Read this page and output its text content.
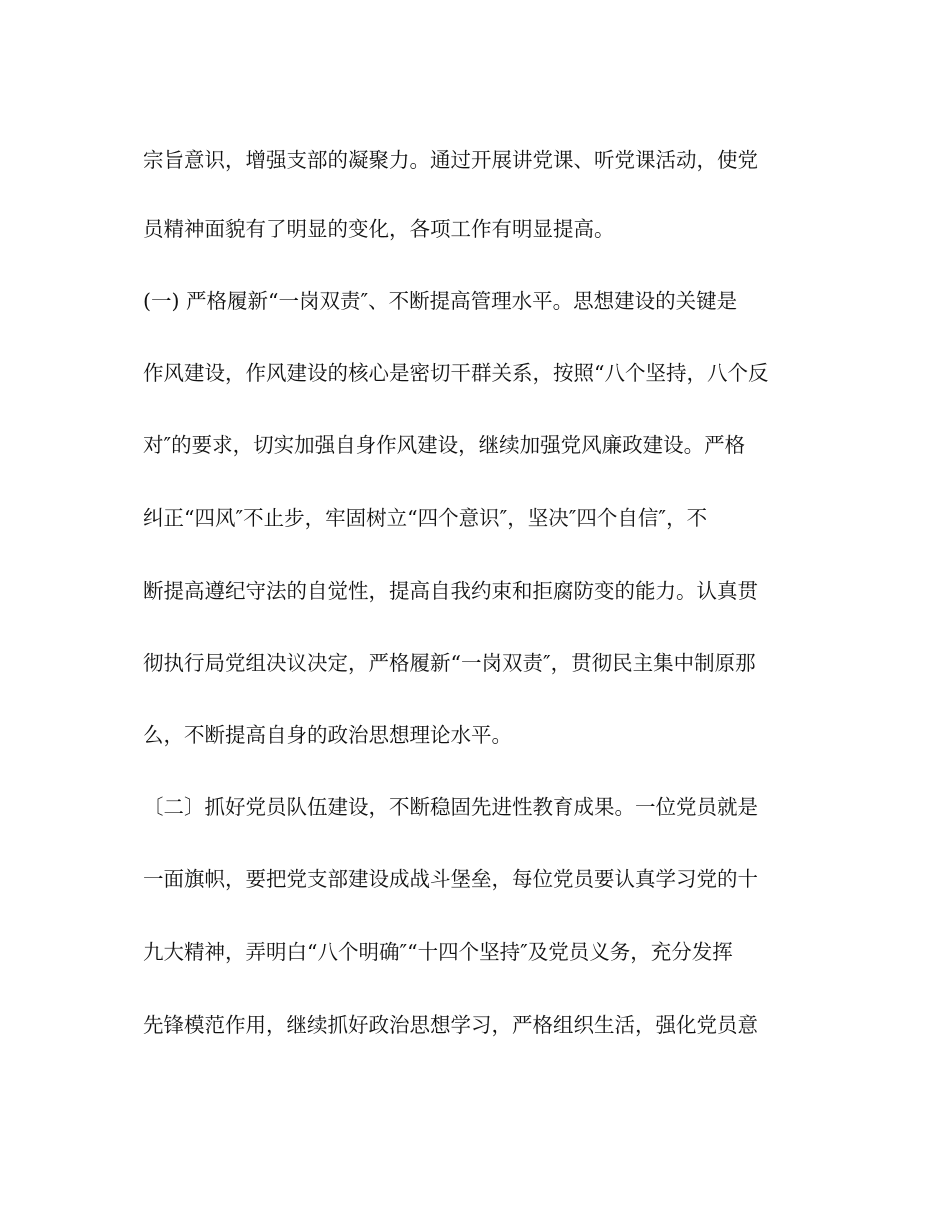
宗旨意识，增强支部的凝聚力。通过开展讲党课、听党课活动，使党
员精神面貌有了明显的变化，各项工作有明显提高。
(一) 严格履新“一岗双责″、不断提高管理水平。思想建设的关键是
作风建设，作风建设的核心是密切干群关系，按照“八个坚持，八个反
对″的要求，切实加强自身作风建设，继续加强党风廉政建设。严格
纠正“四风″不止步，牢固树立“四个意识″，坚决″四个自信″，不
断提高遵纪守法的自觉性，提高自我约束和拒腐防变的能力。认真贯
彻执行局党组决议决定，严格履新“一岗双责″，贯彻民主集中制原那
么，不断提高自身的政治思想理论水平。
〔二〕抓好党员队伍建设，不断稳固先进性教育成果。一位党员就是
一面旗帜，要把党支部建设成战斗堡垒，每位党员要认真学习党的十
九大精神，弄明白“八个明确″“十四个坚持″及党员义务，充分发挥
先锋模范作用，继续抓好政治思想学习，严格组织生活，强化党员意
